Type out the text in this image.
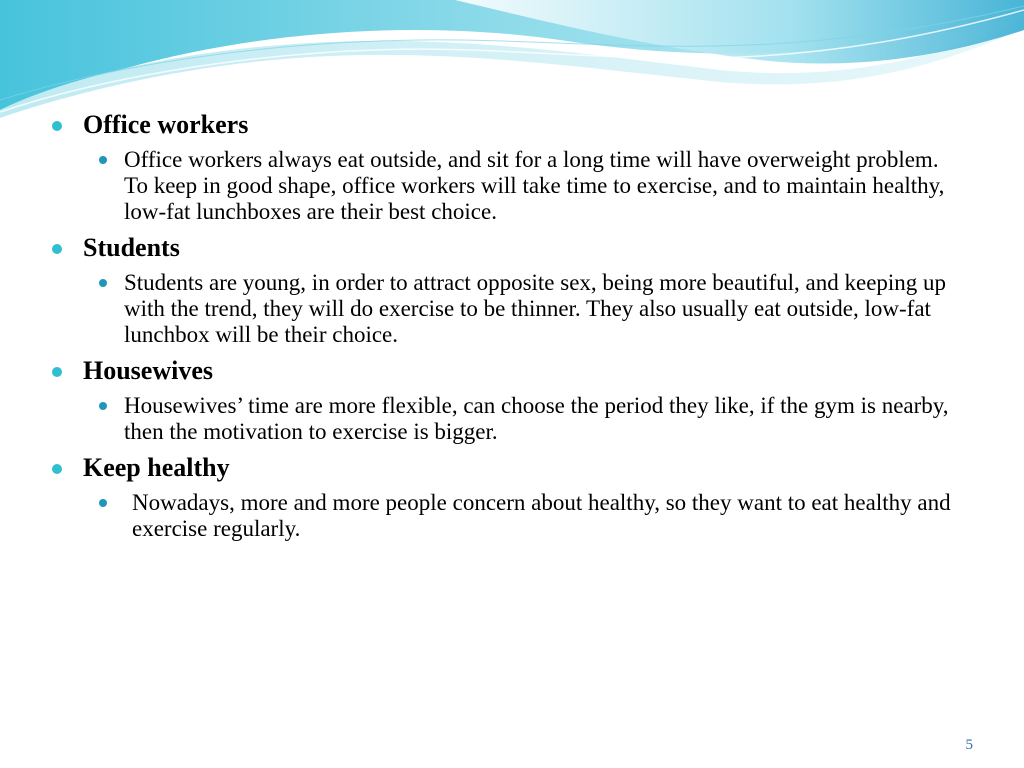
Office workers
Office workers always eat outside, and sit for a long time will have overweight problem. To keep in good shape, office workers will take time to exercise, and to maintain healthy, low-fat lunchboxes are their best choice.
Students
Students are young, in order to attract opposite sex, being more beautiful, and keeping up with the trend, they will do exercise to be thinner. They also usually eat outside, low-fat lunchbox will be their choice.
Housewives
Housewives’ time are more flexible, can choose the period they like, if the gym is nearby, then the motivation to exercise is bigger.
Keep healthy
Nowadays, more and more people concern about healthy, so they want to eat healthy and exercise regularly.
5
